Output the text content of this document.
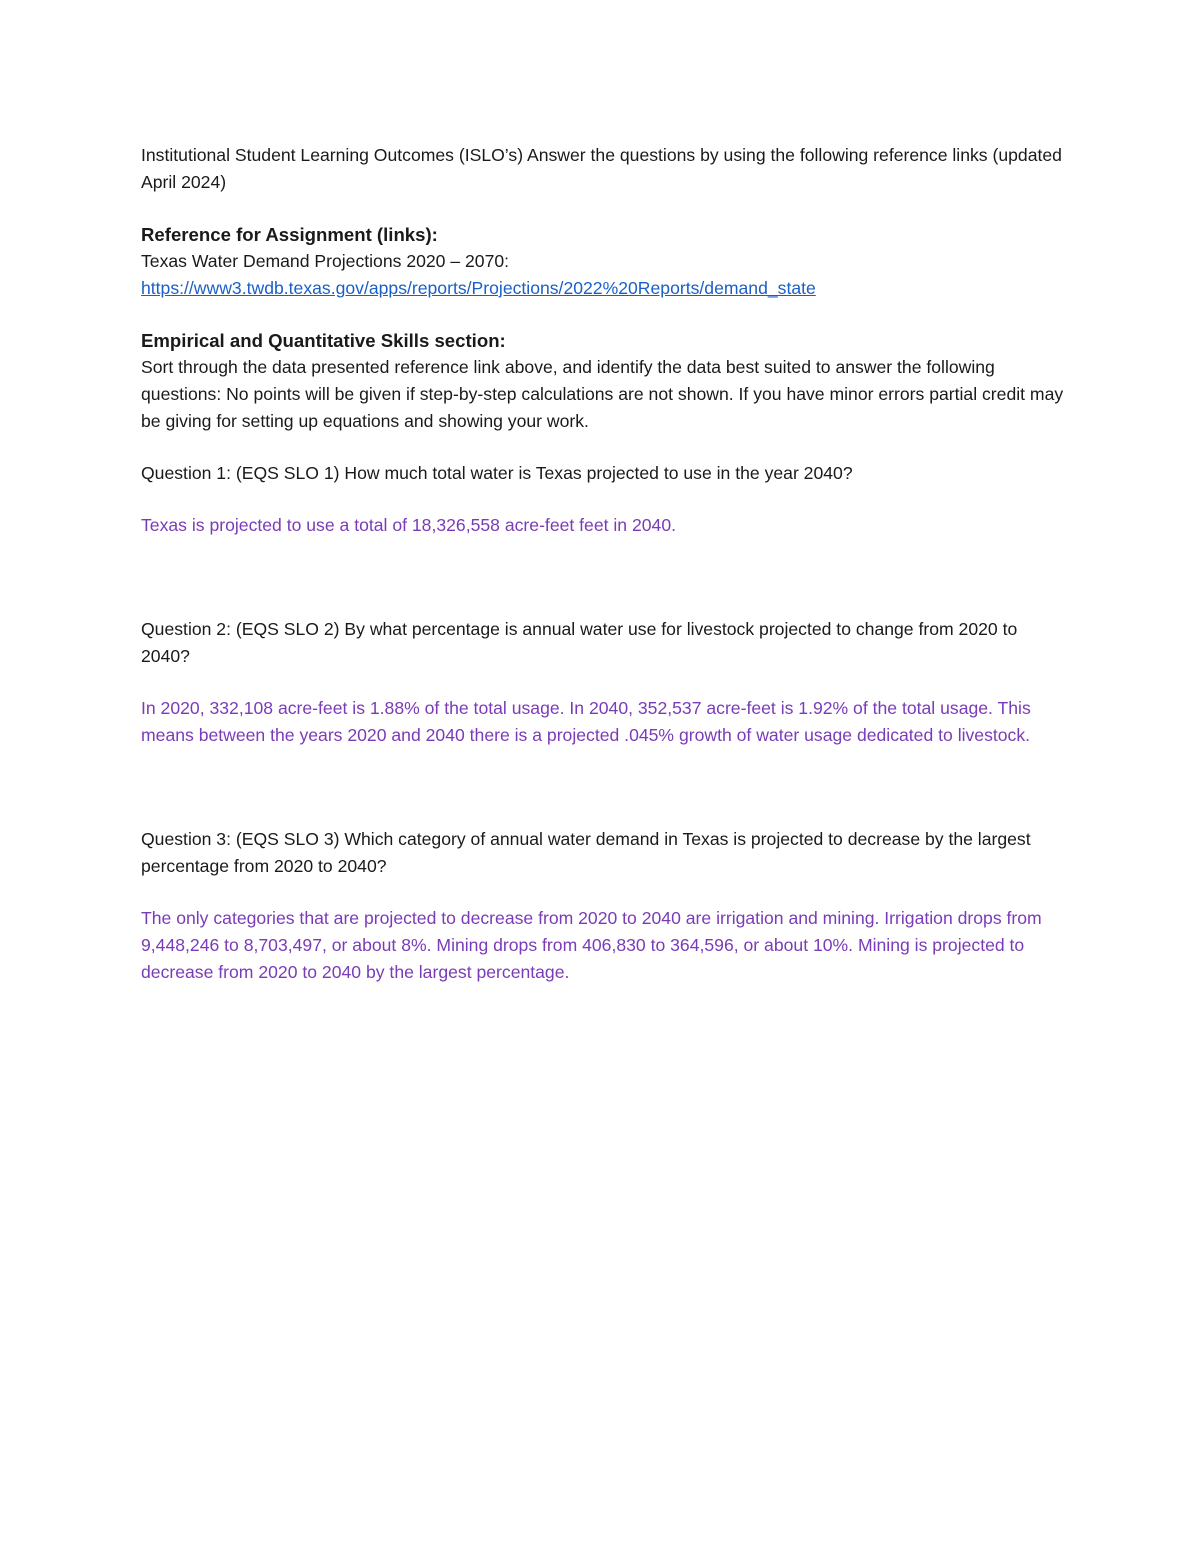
Institutional Student Learning Outcomes (ISLO’s) Answer the questions by using the following reference links (updated April 2024)

Reference for Assignment (links):

Texas Water Demand Projections 2020 – 2070:

https://www3.twdb.texas.gov/apps/reports/Projections/2022%20Reports/demand_state

Empirical and Quantitative Skills section:

Sort through the data presented reference link above, and identify the data best suited to answer the following questions: No points will be given if step-by-step calculations are not shown. If you have minor errors partial credit may be giving for setting up equations and showing your work.

Question 1: (EQS SLO 1) How much total water is Texas projected to use in the year 2040?

Texas is projected to use a total of 18,326,558 acre-feet feet in 2040.

Question 2: (EQS SLO 2) By what percentage is annual water use for livestock projected to change from 2020 to 2040?

In 2020, 332,108 acre-feet is 1.88% of the total usage. In 2040, 352,537 acre-feet is 1.92% of the total usage. This means between the years 2020 and 2040 there is a projected .045% growth of water usage dedicated to livestock.

Question 3: (EQS SLO 3) Which category of annual water demand in Texas is projected to decrease by the largest percentage from 2020 to 2040?

The only categories that are projected to decrease from 2020 to 2040 are irrigation and mining. Irrigation drops from 9,448,246 to 8,703,497, or about 8%. Mining drops from 406,830 to 364,596, or about 10%. Mining is projected to decrease from 2020 to 2040 by the largest percentage.
